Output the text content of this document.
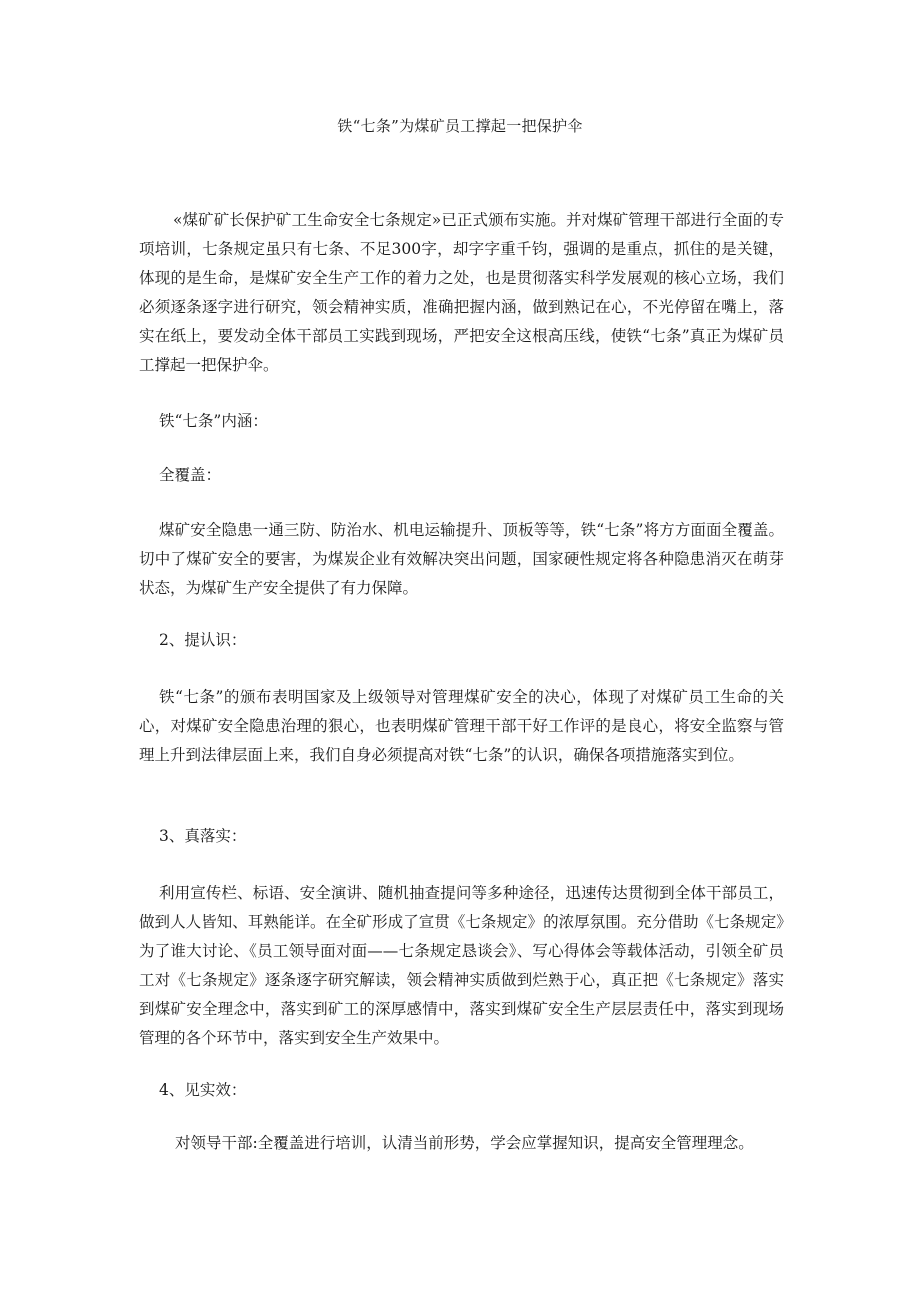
铁“七条”为煤矿员工撑起一把保护伞

«煤矿矿长保护矿工生命安全七条规定»已正式颁布实施。并对煤矿管理干部进行全面的专项培训，七条规定虽只有七条、不足300字，却字字重千钧，强调的是重点，抓住的是关键，体现的是生命，是煤矿安全生产工作的着力之处，也是贯彻落实科学发展观的核心立场，我们必须逐条逐字进行研究，领会精神实质，准确把握内涵，做到熟记在心，不光停留在嘴上，落实在纸上，要发动全体干部员工实践到现场，严把安全这根高压线，使铁“七条”真正为煤矿员工撑起一把保护伞。

铁“七条”内涵：

全覆盖：

煤矿安全隐患一通三防、防治水、机电运输提升、顶板等等，铁“七条”将方方面面全覆盖。切中了煤矿安全的要害，为煤炭企业有效解决突出问题，国家硬性规定将各种隐患消灭在萌芽状态，为煤矿生产安全提供了有力保障。

2、提认识：

铁“七条”的颁布表明国家及上级领导对管理煤矿安全的决心，体现了对煤矿员工生命的关心，对煤矿安全隐患治理的狠心，也表明煤矿管理干部干好工作评的是良心，将安全监察与管理上升到法律层面上来，我们自身必须提高对铁“七条”的认识，确保各项措施落实到位。

3、真落实：

利用宣传栏、标语、安全演讲、随机抽查提问等多种途径，迅速传达贯彻到全体干部员工，做到人人皆知、耳熟能详。在全矿形成了宣贯《七条规定》的浓厚氛围。充分借助《七条规定》为了谁大讨论、《员工领导面对面——七条规定恳谈会》、写心得体会等载体活动，引领全矿员工对《七条规定》逐条逐字研究解读，领会精神实质做到烂熟于心，真正把《七条规定》落实到煤矿安全理念中，落实到矿工的深厚感情中，落实到煤矿安全生产层层责任中，落实到现场管理的各个环节中，落实到安全生产效果中。

4、见实效：

对领导干部:全覆盖进行培训，认清当前形势，学会应掌握知识，提高安全管理理念。
